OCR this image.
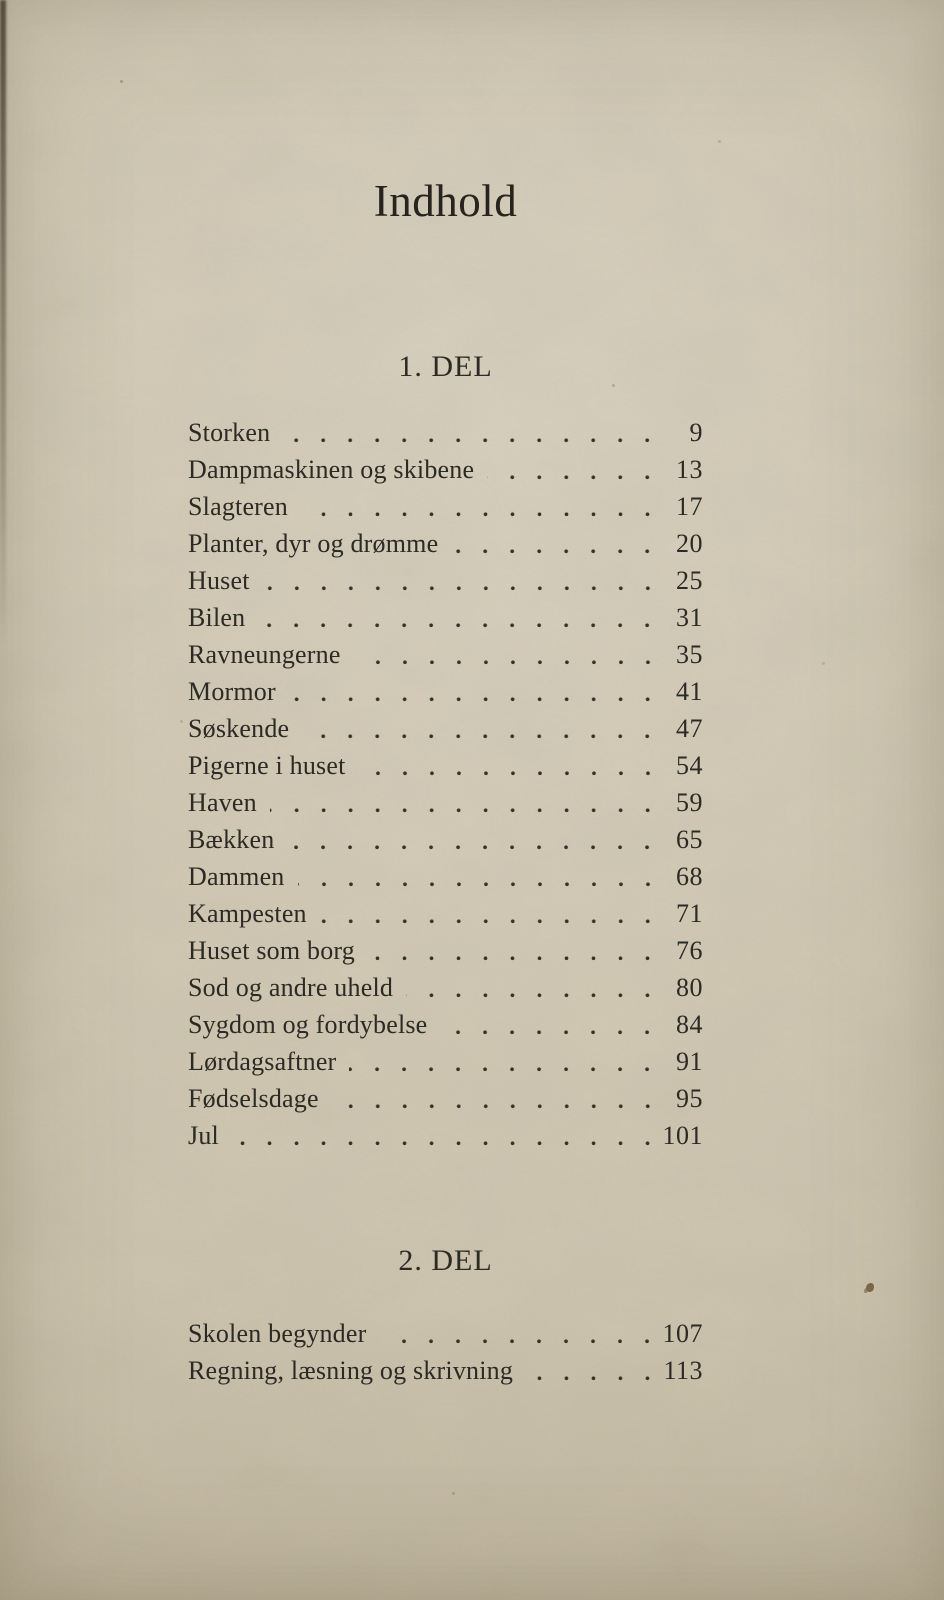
Indhold
1. DEL
Storken	9
Dampmaskinen og skibene	13
Slagteren	17
Planter, dyr og drømme	20
Huset	25
Bilen	31
Ravneungerne	35
Mormor	41
Søskende	47
Pigerne i huset	54
Haven	59
Bækken	65
Dammen	68
Kampesten	71
Huset som borg	76
Sod og andre uheld	80
Sygdom og fordybelse	84
Lørdagsaftner	91
Fødselsdage	95
Jul	101
2. DEL
Skolen begynder	107
Regning, læsning og skrivning	113
